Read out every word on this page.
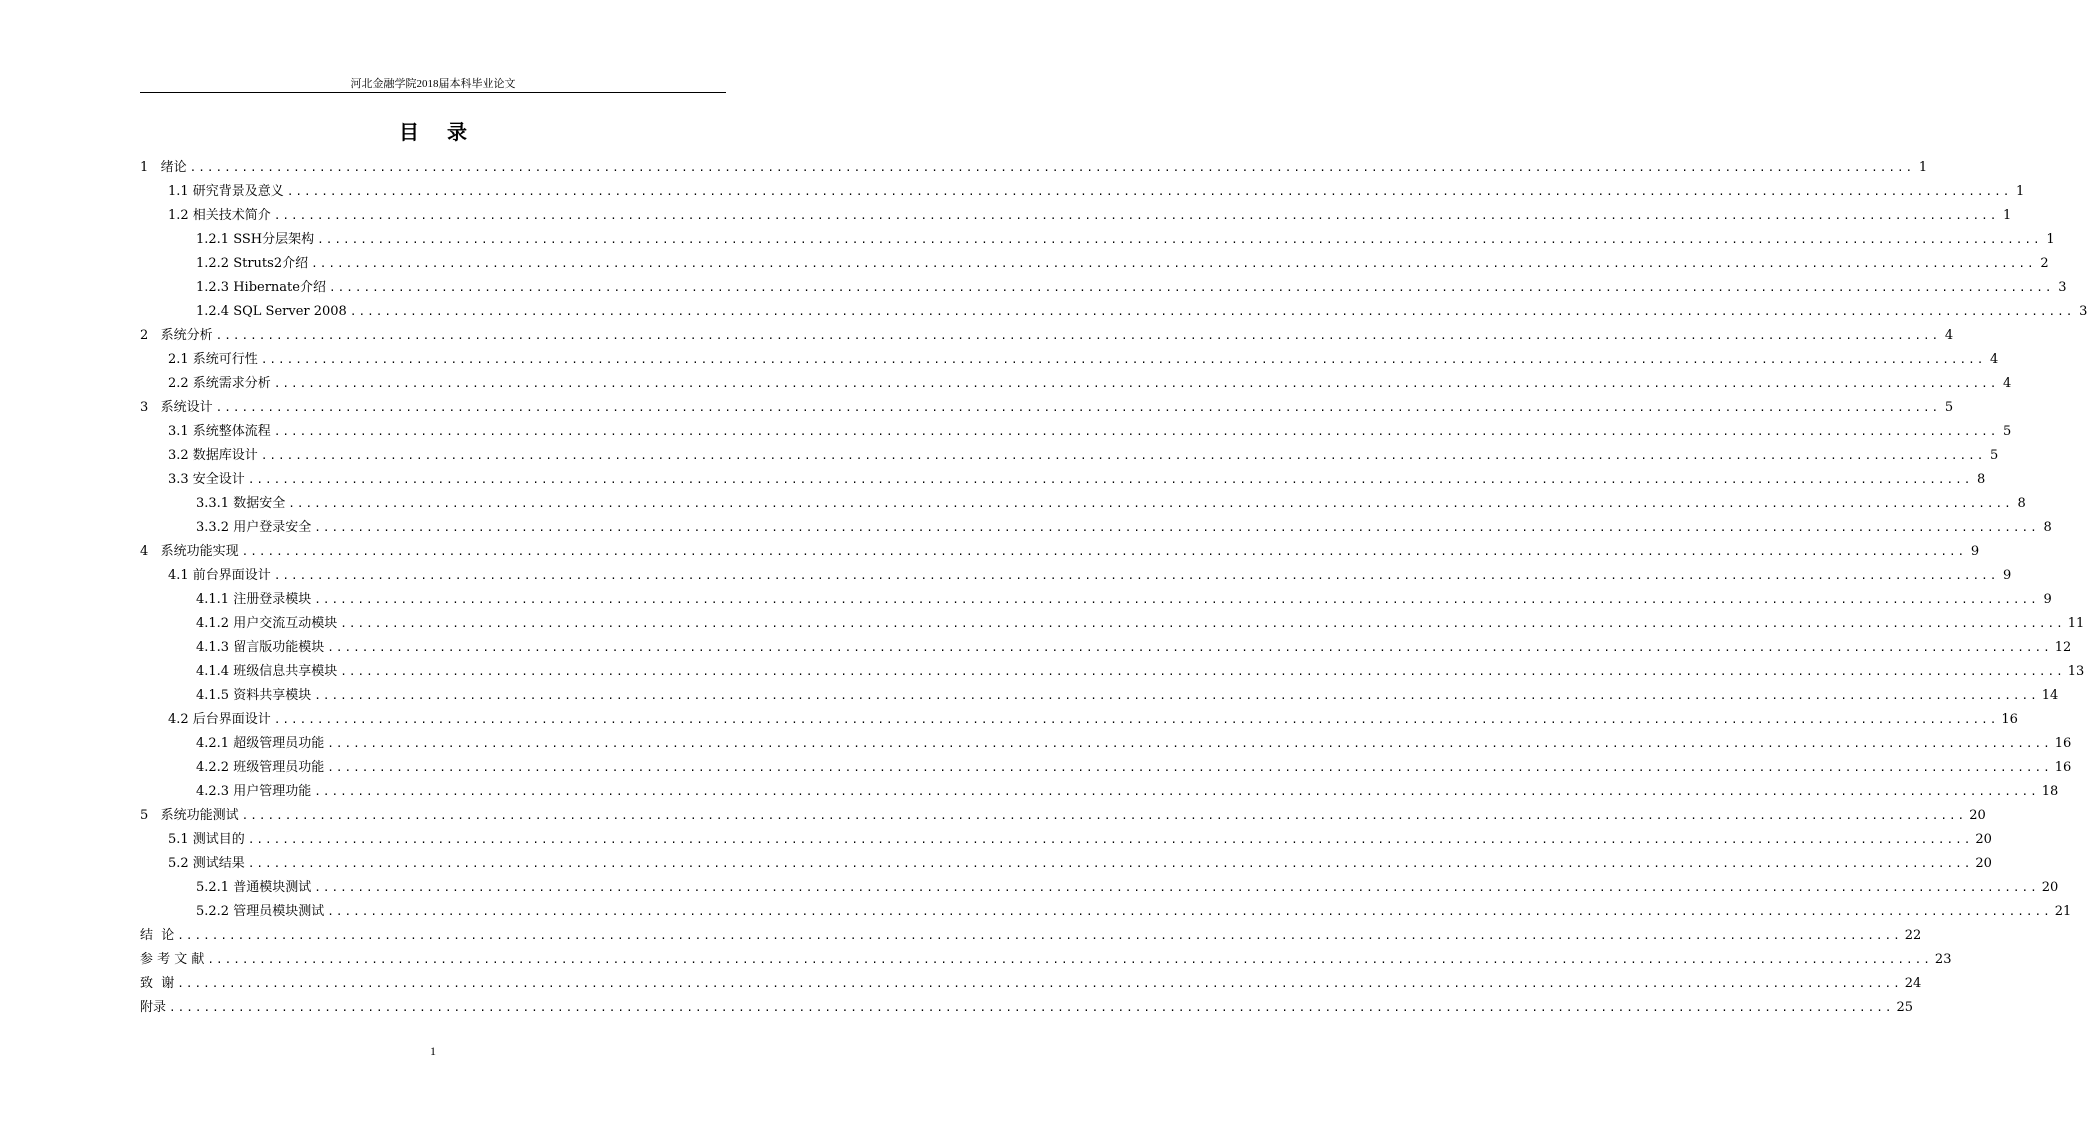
河北金融学院2018届本科毕业论文
目录
1   绪论 ........................................................................................................................................................................................................ 1
1.1 研究背景及意义 ........................................................................................................................................................................................................ 1
1.2 相关技术简介 ........................................................................................................................................................................................................ 1
1.2.1 SSH分层架构 ........................................................................................................................................................................................................ 1
1.2.2 Struts2介绍 ........................................................................................................................................................................................................ 2
1.2.3 Hibernate介绍 ........................................................................................................................................................................................................ 3
1.2.4 SQL Server 2008 ........................................................................................................................................................................................................ 3
2   系统分析 ........................................................................................................................................................................................................ 4
2.1 系统可行性 ........................................................................................................................................................................................................ 4
2.2 系统需求分析 ........................................................................................................................................................................................................ 4
3   系统设计 ........................................................................................................................................................................................................ 5
3.1 系统整体流程 ........................................................................................................................................................................................................ 5
3.2 数据库设计 ........................................................................................................................................................................................................ 5
3.3 安全设计 ........................................................................................................................................................................................................ 8
3.3.1 数据安全 ........................................................................................................................................................................................................ 8
3.3.2 用户登录安全 ........................................................................................................................................................................................................ 8
4   系统功能实现 ........................................................................................................................................................................................................ 9
4.1 前台界面设计 ........................................................................................................................................................................................................ 9
4.1.1 注册登录模块 ........................................................................................................................................................................................................ 9
4.1.2 用户交流互动模块 ........................................................................................................................................................................................................ 11
4.1.3 留言版功能模块 ........................................................................................................................................................................................................ 12
4.1.4 班级信息共享模块 ........................................................................................................................................................................................................ 13
4.1.5 资料共享模块 ........................................................................................................................................................................................................ 14
4.2 后台界面设计 ........................................................................................................................................................................................................ 16
4.2.1 超级管理员功能 ........................................................................................................................................................................................................ 16
4.2.2 班级管理员功能 ........................................................................................................................................................................................................ 16
4.2.3 用户管理功能 ........................................................................................................................................................................................................ 18
5   系统功能测试 ........................................................................................................................................................................................................ 20
5.1 测试目的 ........................................................................................................................................................................................................ 20
5.2 测试结果 ........................................................................................................................................................................................................ 20
5.2.1 普通模块测试 ........................................................................................................................................................................................................ 20
5.2.2 管理员模块测试 ........................................................................................................................................................................................................ 21
结  论 ........................................................................................................................................................................................................ 22
参 考 文 献 ........................................................................................................................................................................................................ 23
致  谢 ........................................................................................................................................................................................................ 24
附录 ........................................................................................................................................................................................................ 25
1
